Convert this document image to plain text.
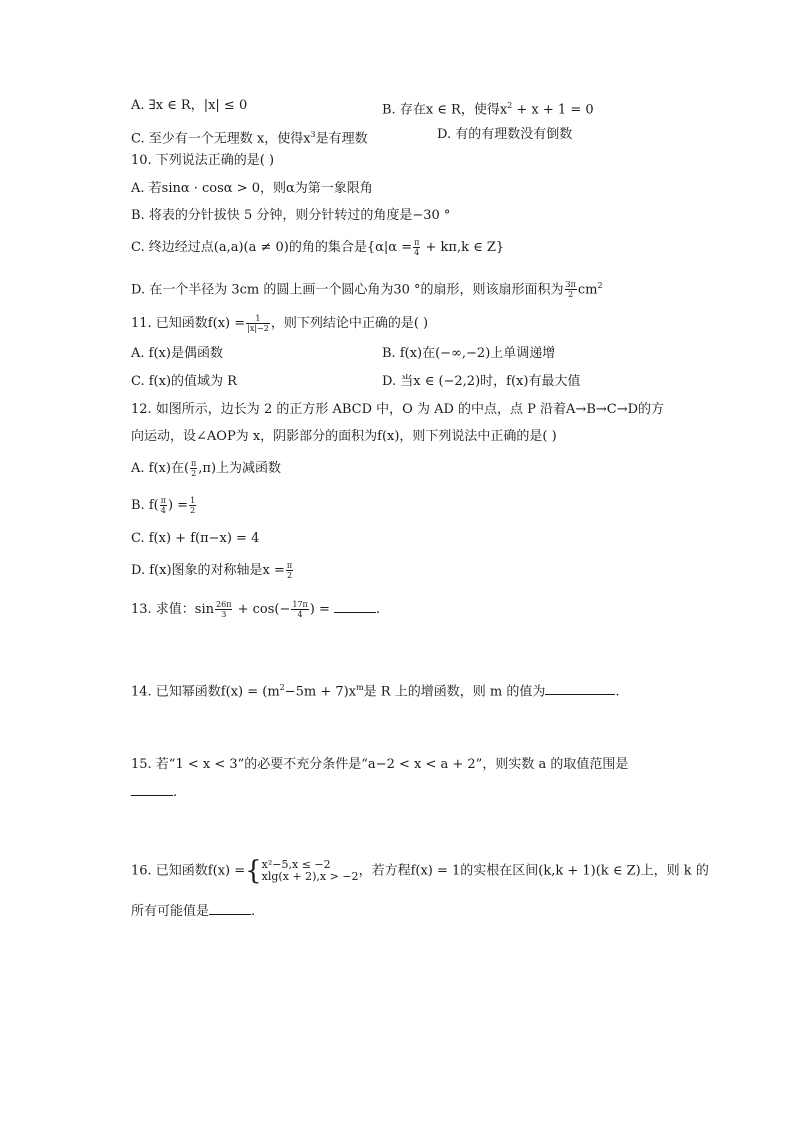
A. ∃x ∈ R，|x| ≤ 0	B. 存在x ∈ R，使得$x^2 + x + 1 = 0$
C. 至少有一个无理数 x，使得$x^3$是有理数	D. 有的有理数没有倒数
10. 下列说法正确的是( )
A. 若sinα · cosα > 0，则α为第一象限角
B. 将表的分针拔快 5 分钟，则分针转过的角度是−30 °
C. 终边经过点(a,a)(a ≠ 0)的角的集合是{$\alpha|\alpha = \frac{\pi}{4} + k\pi,k$ ∈ Z}
D. 在一个半径为 3cm 的圆上画一个圆心角为30 °的扇形，则该扇形面积为 $\frac{3\pi}{2} cm^2$
11. 已知函数$f(x) = \frac{1}{|x|-2}$ ，则下列结论中正确的是( )
A. f(x)是偶函数	B. f(x)在(−∞,−2)上单调递增
C. f(x)的值域为 R	D. 当x ∈ (−2,2)时，f(x)有最大值
12. 如图所示，边长为 2 的正方形 ABCD 中，O 为 AD 的中点，点 P 沿着A→B→C→D的方
向运动，设∠AOP为 x，阴影部分的面积为f(x)，则下列说法中正确的是( )
A. f(x)在( $\frac{\pi}{2} ,\pi$)上为减函数
B. $f( \frac{\pi}{4}$ ) = $\frac{1}{2}$
C. f(x) + f(π−x) = 4
D. f(x)图象的对称轴是$x = \frac{\pi}{2}$
13. 求值：$\sin \frac{26\pi}{3} + \cos(- \frac{17\pi}{4}$ ) =	.
14. 已知幂函数$f(x) = (m^2-5m + 7)x^m$是 R 上的增函数，则 m 的值为	.
15. 若“1 < x < 3”的必要不充分条件是“a−2 < x < a + 2”，则实数 a 的取值范围是
.
16. 已知函数f(x) ={ x²−5,x ≤ −2
xlg(x + 2),x > −2 ，若方程f(x) = 1的实根在区间(k,k + 1)(k ∈ Z)上，则 k 的
所有可能值是	.
